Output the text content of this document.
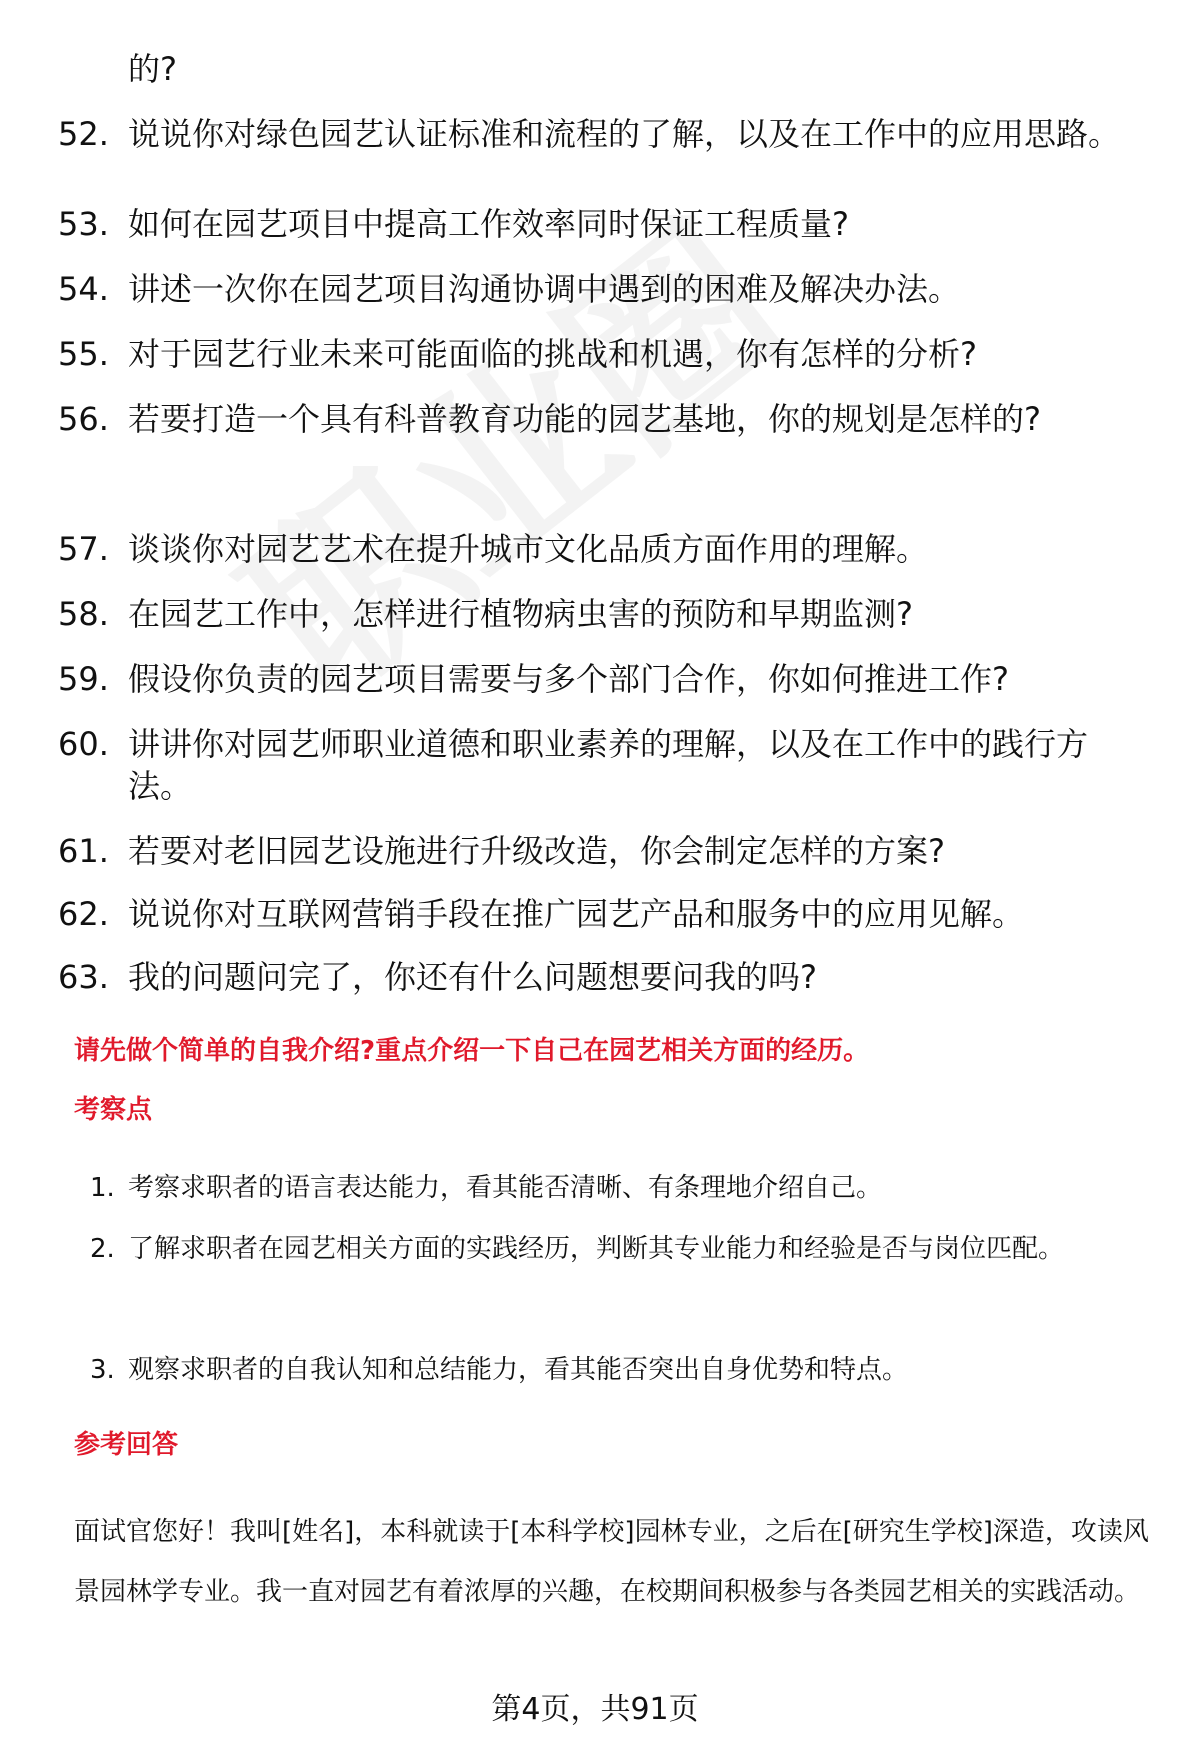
的?
52. 说说你对绿色园艺认证标准和流程的了解，以及在工作中的应用思路。
53. 如何在园艺项目中提高工作效率同时保证工程质量?
54. 讲述一次你在园艺项目沟通协调中遇到的困难及解决办法。
55. 对于园艺行业未来可能面临的挑战和机遇，你有怎样的分析?
56. 若要打造一个具有科普教育功能的园艺基地，你的规划是怎样的?
57. 谈谈你对园艺艺术在提升城市文化品质方面作用的理解。
58. 在园艺工作中，怎样进行植物病虫害的预防和早期监测?
59. 假设你负责的园艺项目需要与多个部门合作，你如何推进工作?
60. 讲讲你对园艺师职业道德和职业素养的理解，以及在工作中的践行方法。
61. 若要对老旧园艺设施进行升级改造，你会制定怎样的方案?
62. 说说你对互联网营销手段在推广园艺产品和服务中的应用见解。
63. 我的问题问完了，你还有什么问题想要问我的吗?
请先做个简单的自我介绍?重点介绍一下自己在园艺相关方面的经历。
考察点
1. 考察求职者的语言表达能力，看其能否清晰、有条理地介绍自己。
2. 了解求职者在园艺相关方面的实践经历，判断其专业能力和经验是否与岗位匹配。
3. 观察求职者的自我认知和总结能力，看其能否突出自身优势和特点。
参考回答
面试官您好！我叫[姓名]，本科就读于[本科学校]园林专业，之后在[研究生学校]深造，攻读风景园林学专业。我一直对园艺有着浓厚的兴趣，在校期间积极参与各类园艺相关的实践活动。
第4页，共91页
